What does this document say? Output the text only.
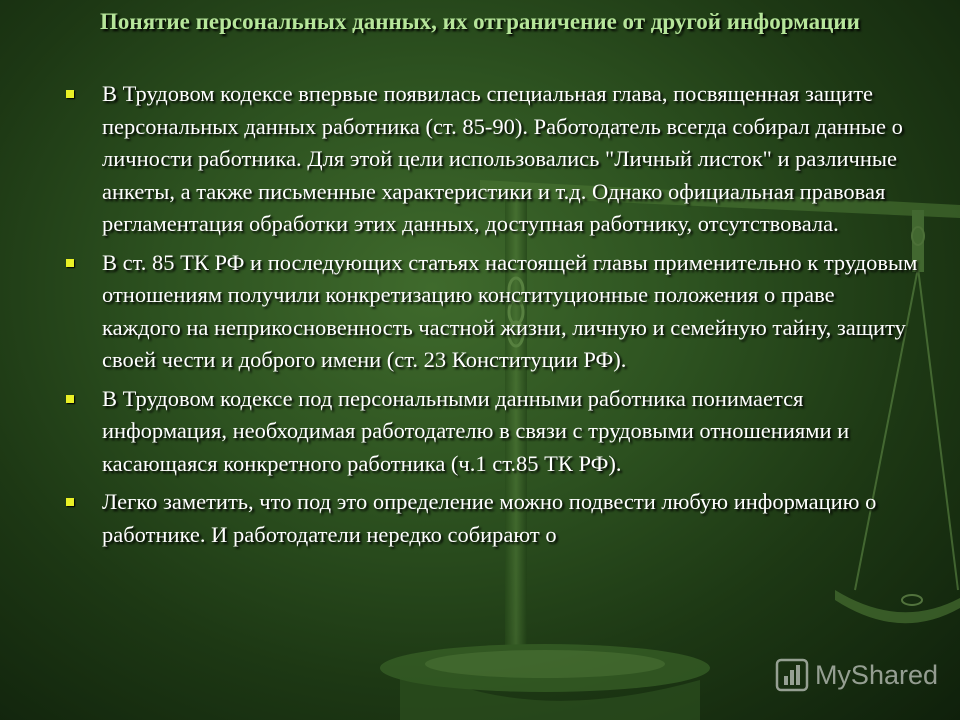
Понятие персональных данных, их отграничение от другой информации
В Трудовом кодексе впервые появилась специальная глава, посвященная защите персональных данных работника (ст. 85-90). Работодатель всегда собирал данные о личности работника. Для этой цели использовались "Личный листок" и различные анкеты, а также письменные характеристики и т.д. Однако официальная правовая регламентация обработки этих данных, доступная работнику, отсутствовала.
В ст. 85 ТК РФ и последующих статьях настоящей главы применительно к трудовым отношениям получили конкретизацию конституционные положения о праве каждого на неприкосновенность частной жизни, личную и семейную тайну, защиту своей чести и доброго имени (ст. 23 Конституции РФ).
В Трудовом кодексе под персональными данными работника понимается информация, необходимая работодателю в связи с трудовыми отношениями и касающаяся конкретного работника (ч.1 ст.85 ТК РФ).
Легко заметить, что под это определение можно подвести любую информацию о работнике. И работодатели нередко собирают о
MyShared
